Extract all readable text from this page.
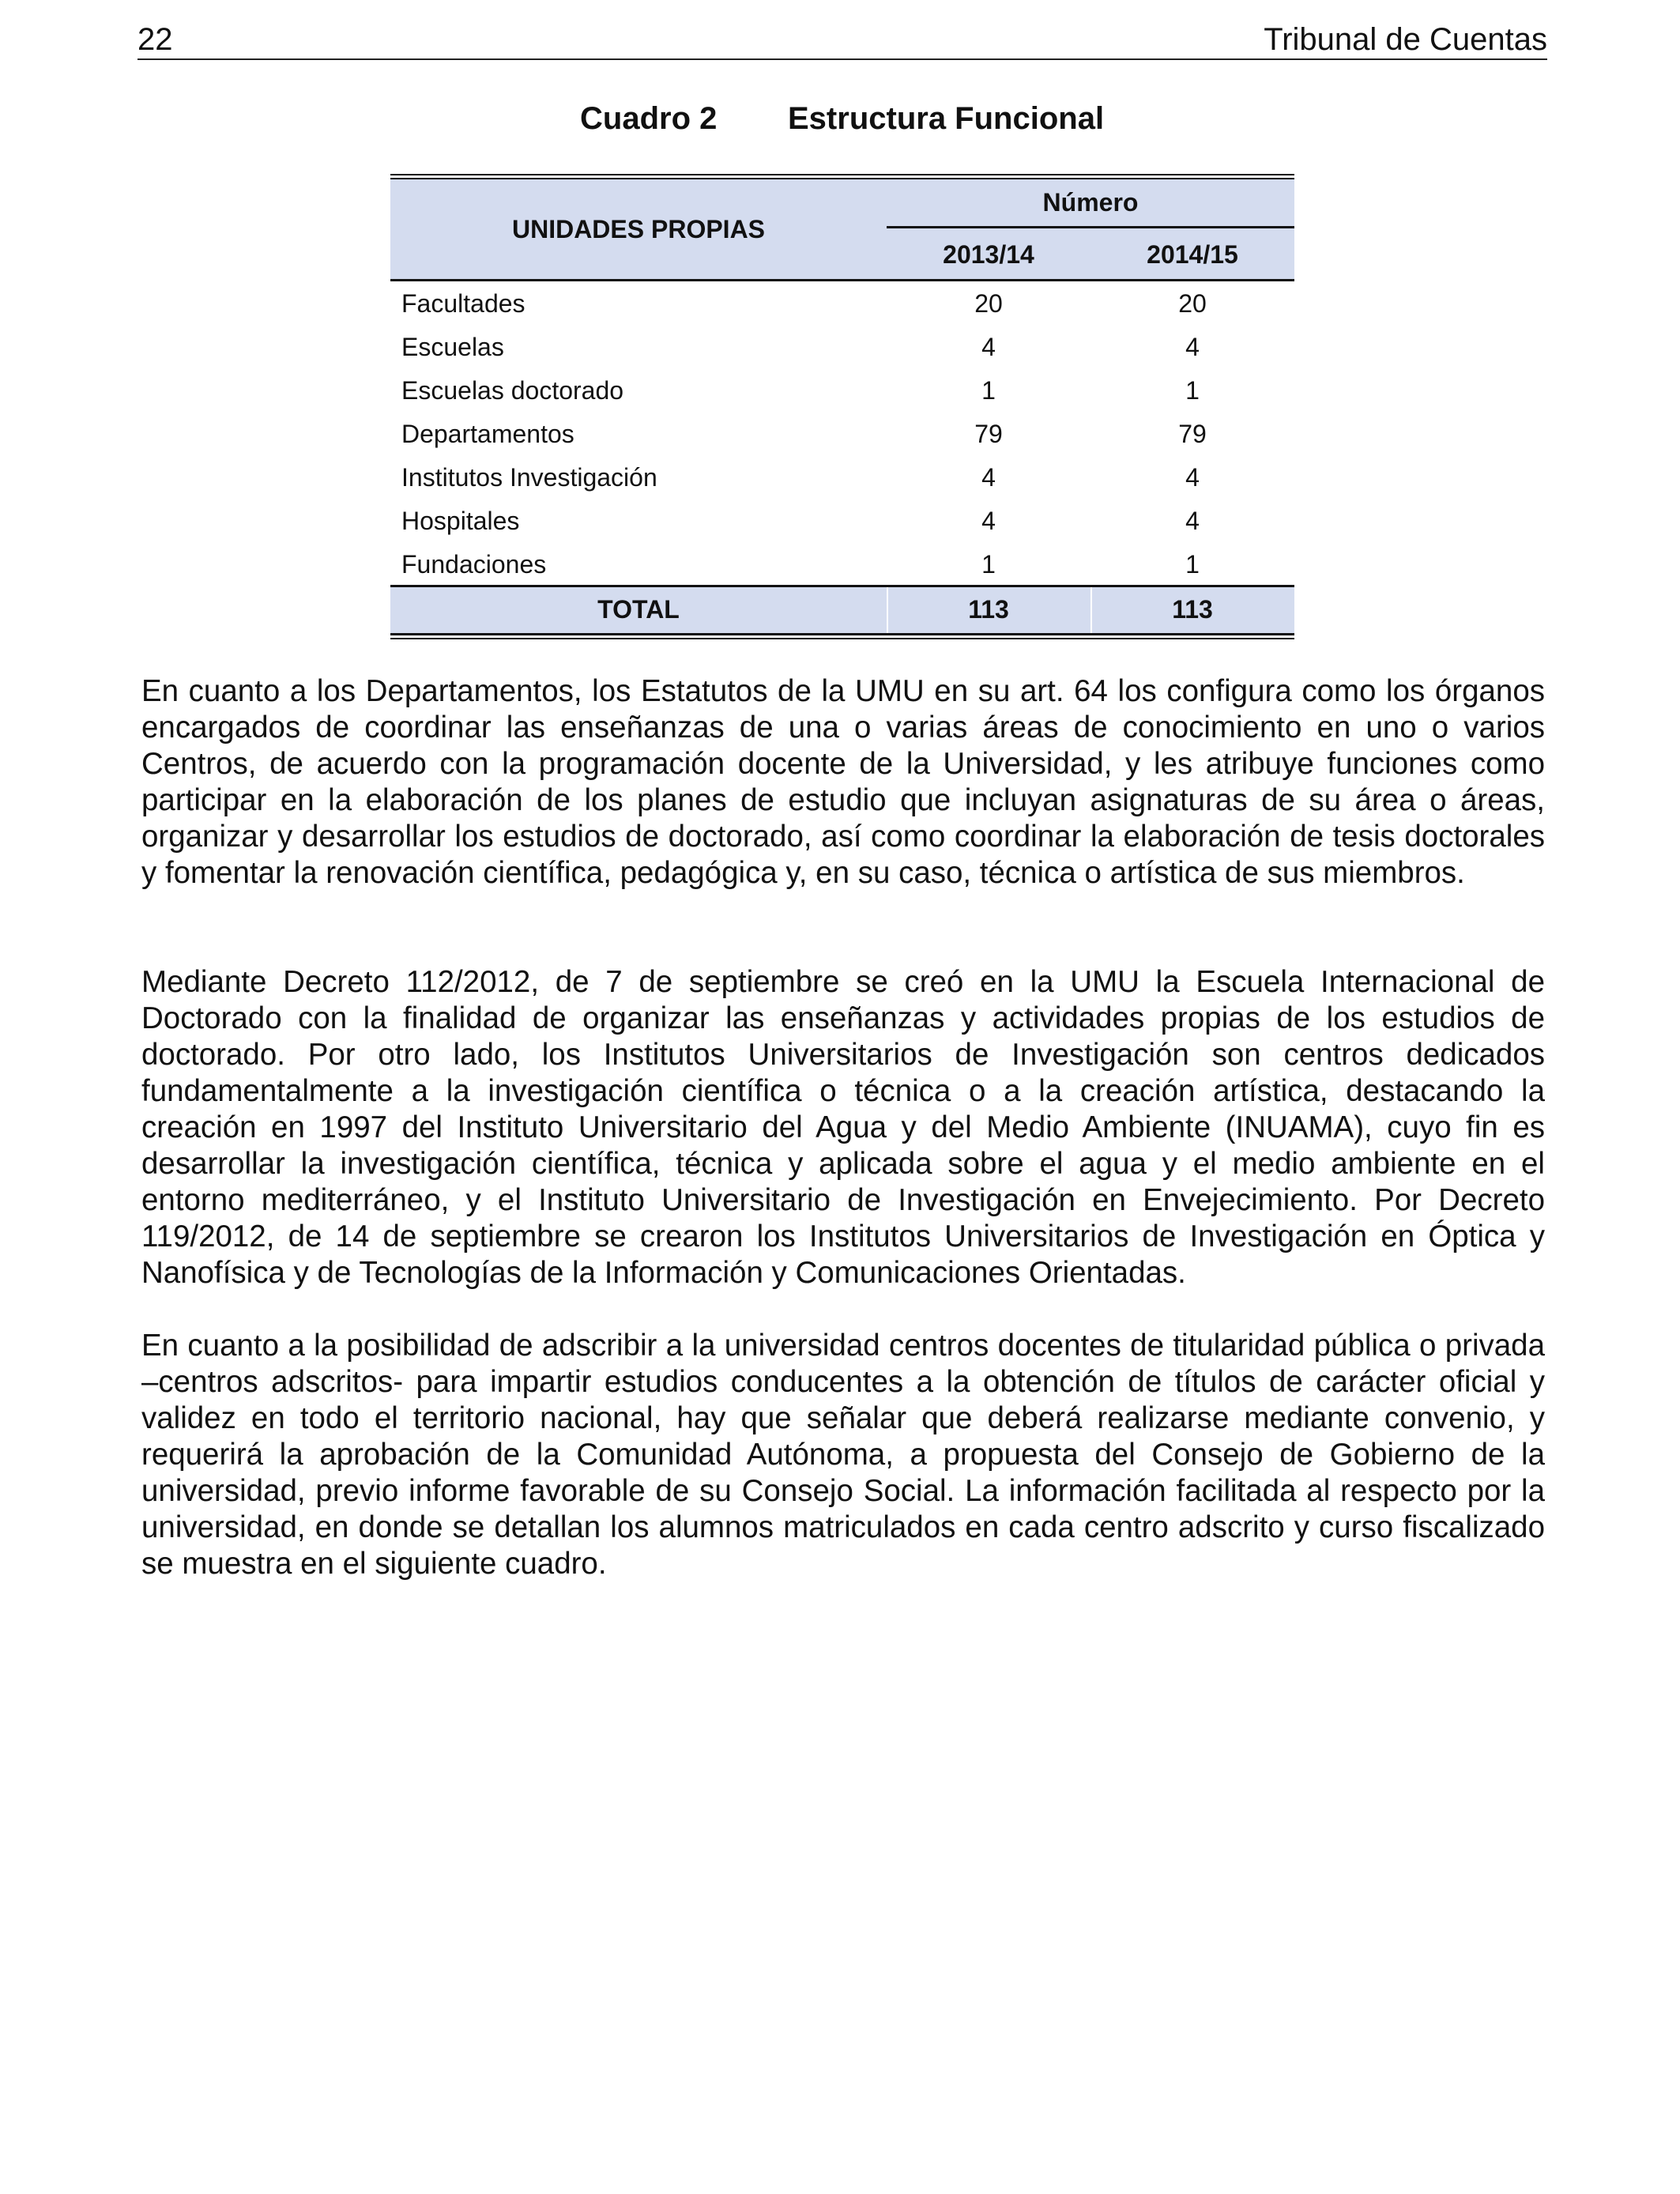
22	Tribunal de Cuentas
Cuadro 2 Estructura Funcional
UNIDADES PROPIAS
Número
2013/14	2014/15
Facultades	20	20
Escuelas	4	4
Escuelas doctorado	1	1
Departamentos	79	79
Institutos Investigación	4	4
Hospitales	4	4
Fundaciones	1	1
TOTAL	113	113

En cuanto a los Departamentos, los Estatutos de la UMU en su art. 64 los configura como los órganos encargados de coordinar las enseñanzas de una o varias áreas de conocimiento en uno o varios Centros, de acuerdo con la programación docente de la Universidad, y les atribuye funciones como participar en la elaboración de los planes de estudio que incluyan asignaturas de su área o áreas, organizar y desarrollar los estudios de doctorado, así como coordinar la elaboración de tesis doctorales y fomentar la renovación científica, pedagógica y, en su caso, técnica o artística de sus miembros.

Mediante Decreto 112/2012, de 7 de septiembre se creó en la UMU la Escuela Internacional de Doctorado con la finalidad de organizar las enseñanzas y actividades propias de los estudios de doctorado. Por otro lado, los Institutos Universitarios de Investigación son centros dedicados fundamentalmente a la investigación científica o técnica o a la creación artística, destacando la creación en 1997 del Instituto Universitario del Agua y del Medio Ambiente (INUAMA), cuyo fin es desarrollar la investigación científica, técnica y aplicada sobre el agua y el medio ambiente en el entorno mediterráneo, y el Instituto Universitario de Investigación en Envejecimiento. Por Decreto 119/2012, de 14 de septiembre se crearon los Institutos Universitarios de Investigación en Óptica y Nanofísica y de Tecnologías de la Información y Comunicaciones Orientadas.

En cuanto a la posibilidad de adscribir a la universidad centros docentes de titularidad pública o privada –centros adscritos- para impartir estudios conducentes a la obtención de títulos de carácter oficial y validez en todo el territorio nacional, hay que señalar que deberá realizarse mediante convenio, y requerirá la aprobación de la Comunidad Autónoma, a propuesta del Consejo de Gobierno de la universidad, previo informe favorable de su Consejo Social. La información facilitada al respecto por la universidad, en donde se detallan los alumnos matriculados en cada centro adscrito y curso fiscalizado se muestra en el siguiente cuadro.
